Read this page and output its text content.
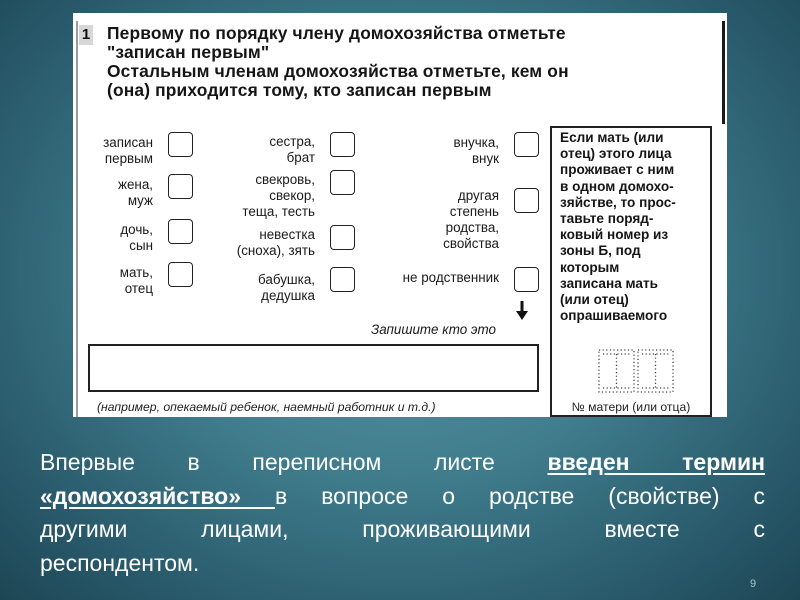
1 Первому по порядку члену домохозяйства отметьте
"записан первым"
Остальным членам домохозяйства отметьте, кем он
(она) приходится тому, кто записан первым
записан
первым
жена,
муж
дочь,
сын
мать,
отец
сестра,
брат
свекровь,
свекор,
теща, тесть
невестка
(сноха), зять
бабушка,
дедушка
внучка,
внук
другая
степень
родства,
свойства
не родственник
Запишите кто это
(например, опекаемый ребенок, наемный работник и т.д.)
Если мать (или
отец) этого лица
проживает с ним
в одном домохо-
зяйстве, то прос-
тавьте поряд-
ковый номер из
зоны Б, под
которым
записана мать
(или отец)
опрашиваемого
№ матери (или отца)
Впервые в переписном листе введен термин
«домохозяйство» в вопросе о родстве (свойстве) с
другими лицами, проживающими вместе с
респондентом.
9
